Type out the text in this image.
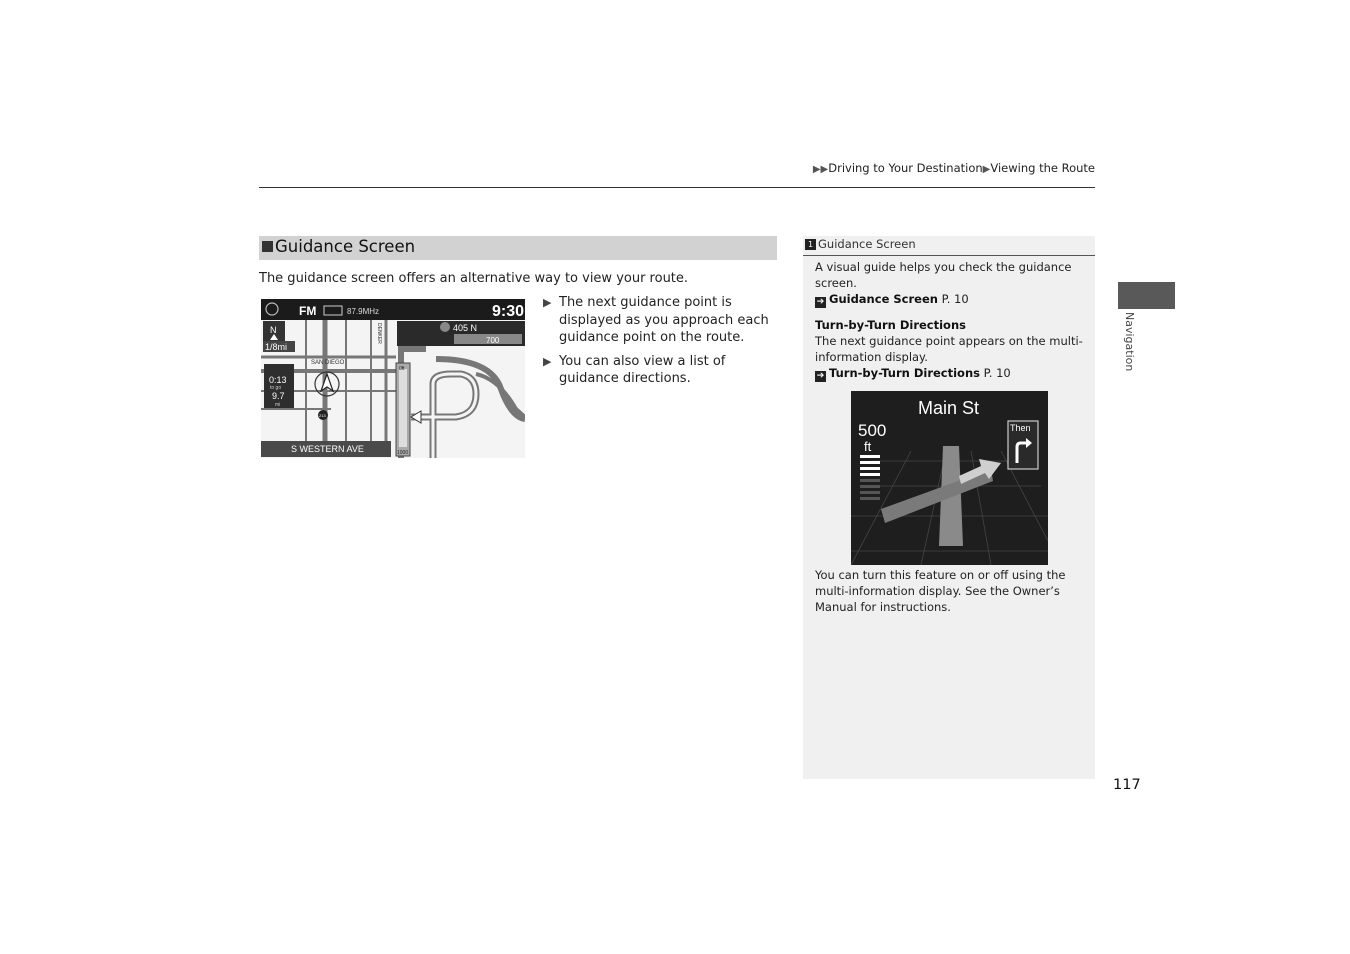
▶▶Driving to Your Destination▶Viewing the Route
Guidance Screen
The guidance screen offers an alternative way to view your route.
FM	87.9MHz	9:30
N
1/8mi
405 N
700
0:13
to go
9.7
mi
SAN DIEGO
DENKER
213
0ft
1000
S WESTERN AVE
▶ The next guidance point is displayed as you approach each guidance point on the route.
▶ You can also view a list of guidance directions.
1 Guidance Screen
A visual guide helps you check the guidance screen.
➔ Guidance Screen P. 10
Turn-by-Turn Directions
The next guidance point appears on the multi-information display.
➔ Turn-by-Turn Directions P. 10
You can turn this feature on or off using the multi-information display. See the Owner’s Manual for instructions.
Main St
500
ft
Then
Navigation
117
